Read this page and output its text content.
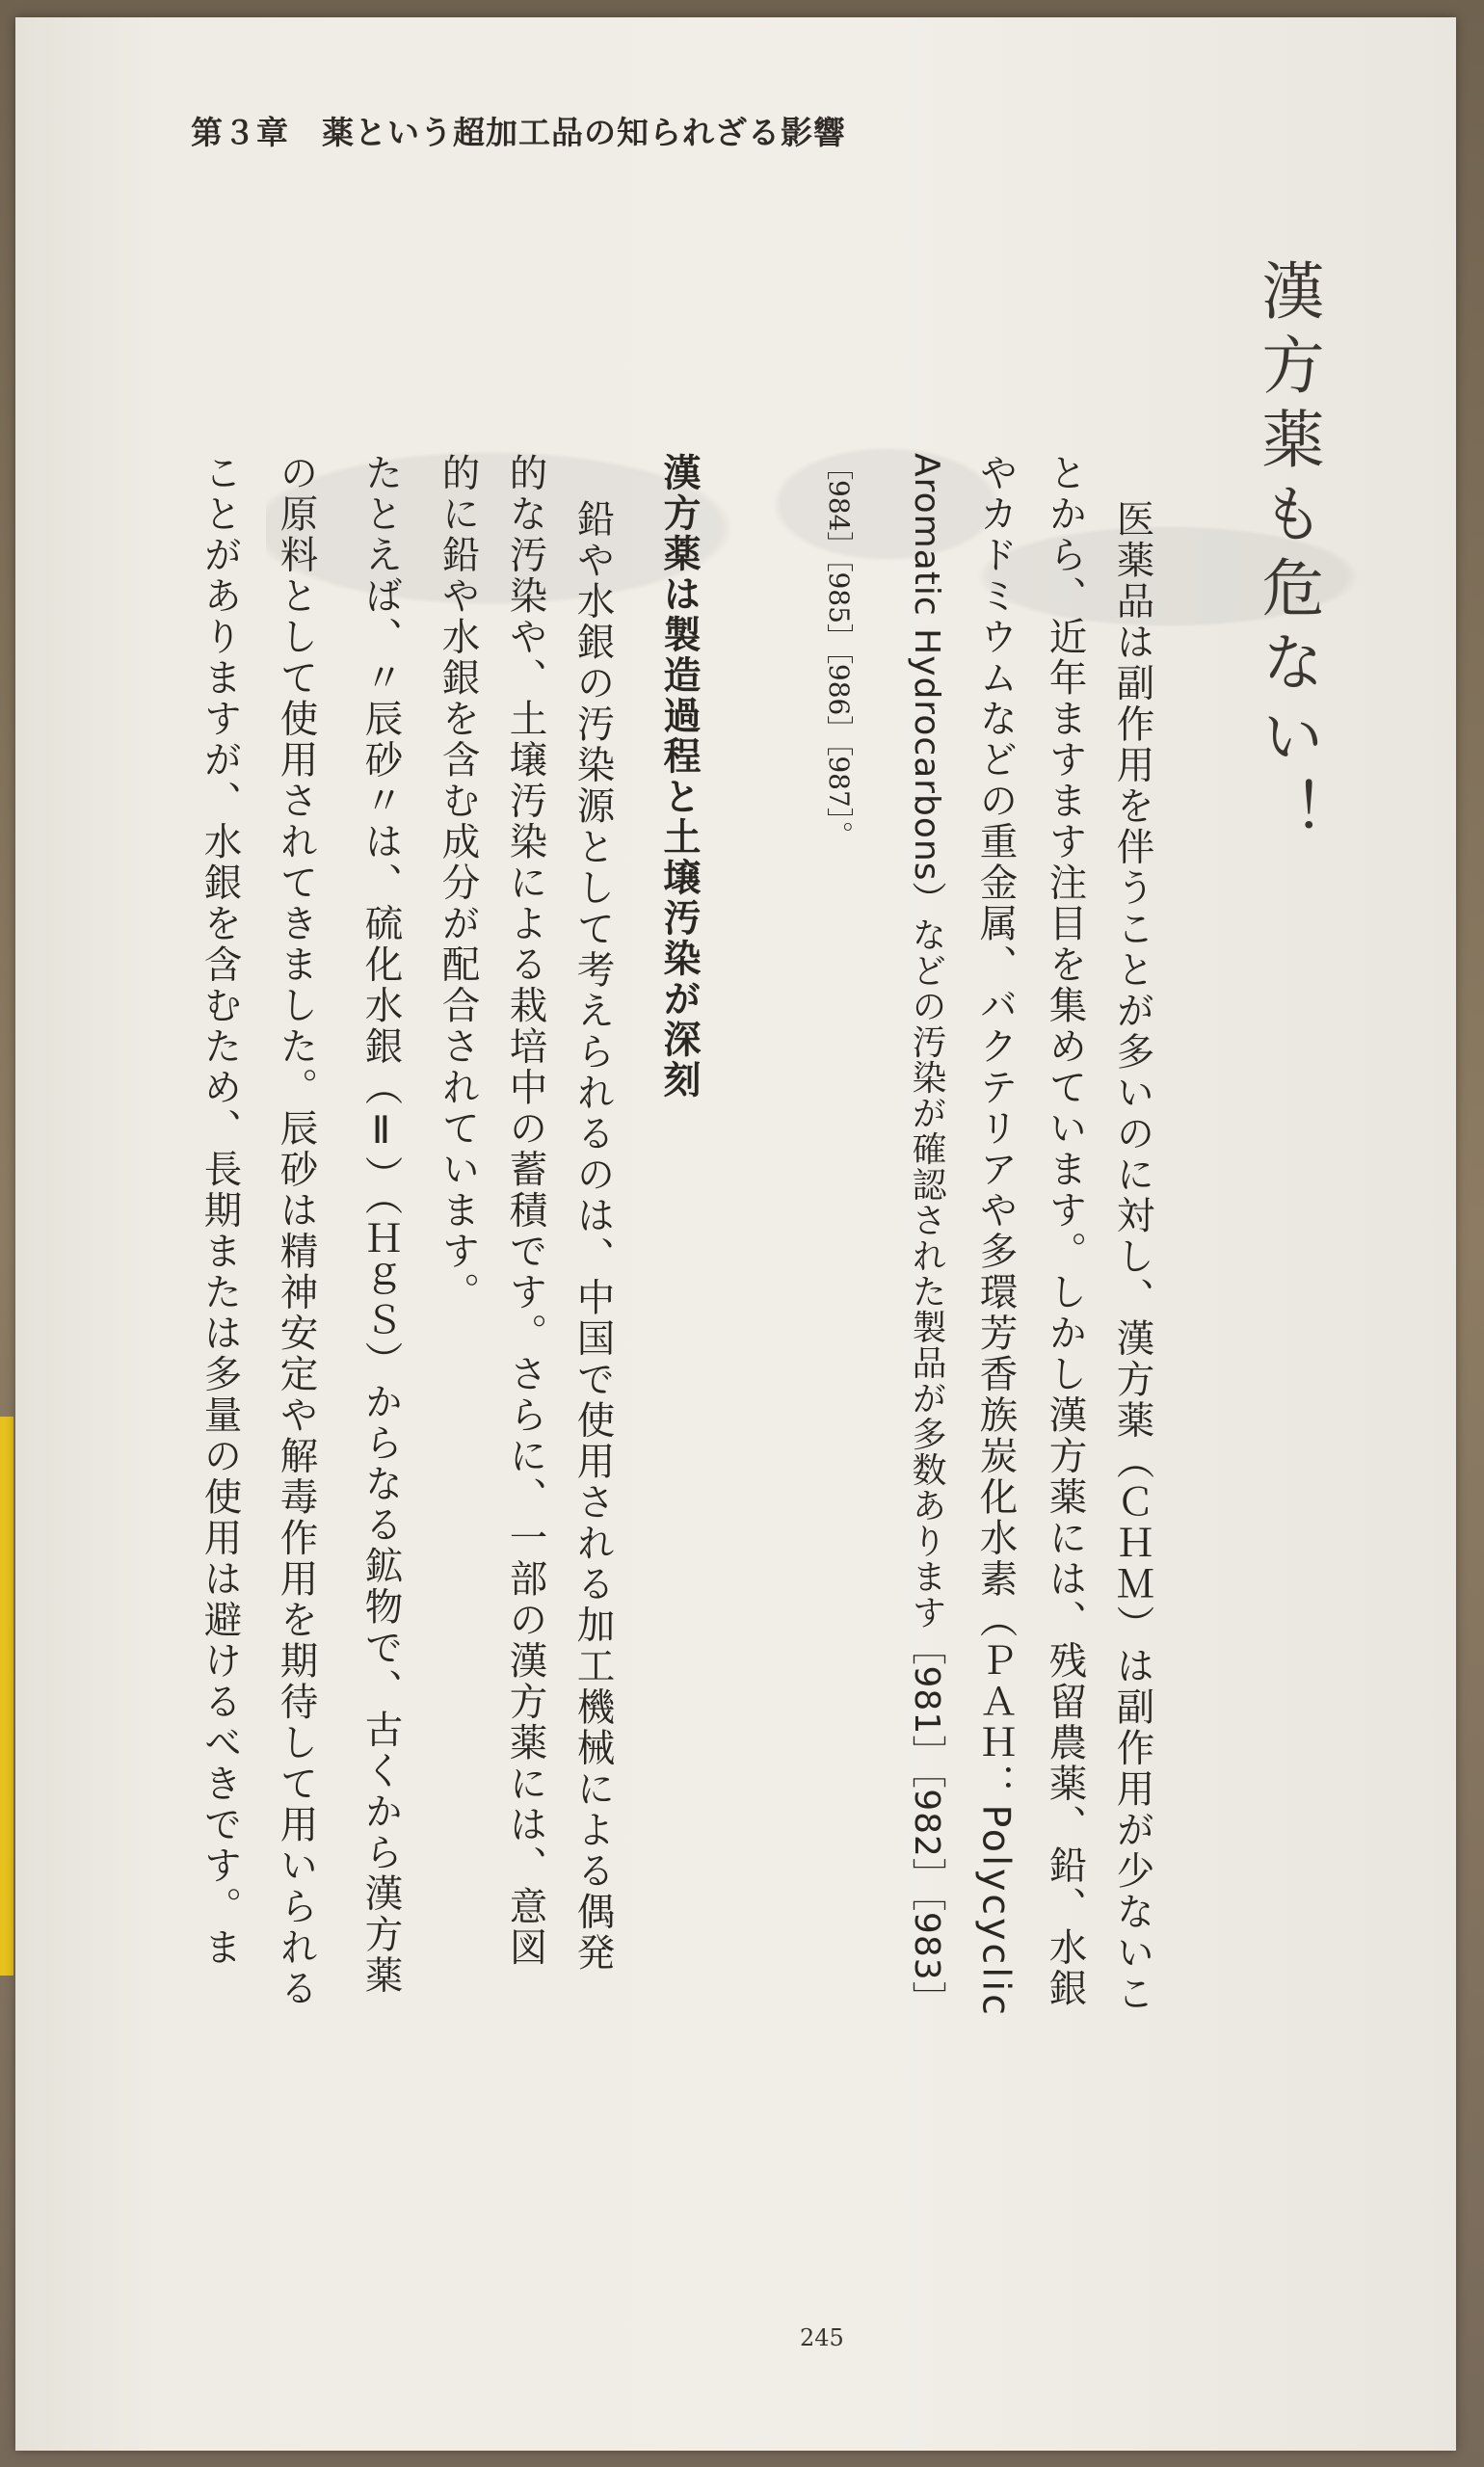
第３章　薬という超加工品の知られざる影響
漢方薬も危ない！
医薬品は副作用を伴うことが多いのに対し、漢方薬（ＣＨＭ）は副作用が少ないこ
とから、近年ますます注目を集めています。しかし漢方薬には、残留農薬、鉛、水銀
やカドミウムなどの重金属、バクテリアや多環芳香族炭化水素（ＰＡＨ：Polycyclic
Aromatic Hydrocarbons）などの汚染が確認された製品が多数あります［981］［982］［983］
［984］［985］［986］［987］。
漢方薬は製造過程と土壌汚染が深刻
鉛や水銀の汚染源として考えられるのは、中国で使用される加工機械による偶発
的な汚染や、土壌汚染による栽培中の蓄積です。さらに、一部の漢方薬には、意図
的に鉛や水銀を含む成分が配合されています。
たとえば、〃辰砂〃は、硫化水銀（Ⅱ）（ＨｇＳ）からなる鉱物で、古くから漢方薬
の原料として使用されてきました。辰砂は精神安定や解毒作用を期待して用いられる
ことがありますが、水銀を含むため、長期または多量の使用は避けるべきです。ま
245
